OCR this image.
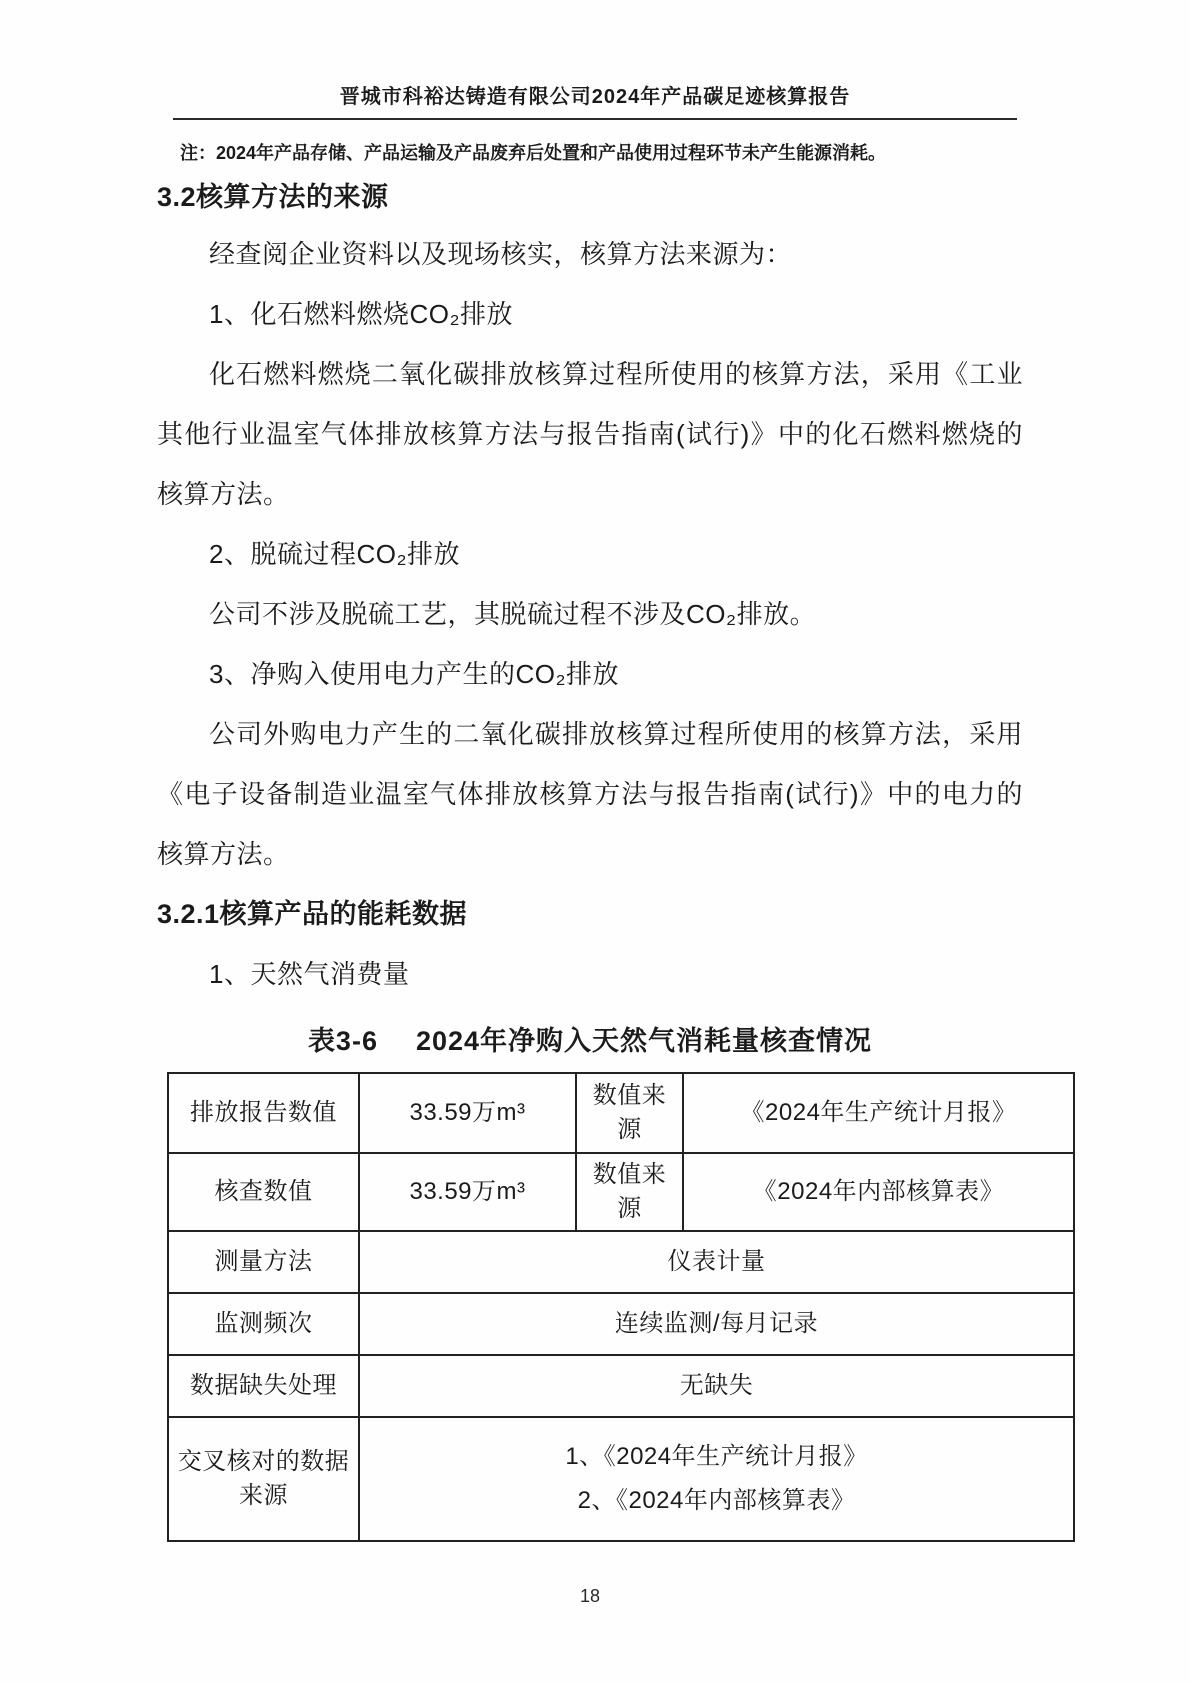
晋城市科裕达铸造有限公司2024年产品碳足迹核算报告

注：2024年产品存储、产品运输及产品废弃后处置和产品使用过程环节未产生能源消耗。

3.2核算方法的来源

经查阅企业资料以及现场核实，核算方法来源为：

1、化石燃料燃烧CO₂排放

化石燃料燃烧二氧化碳排放核算过程所使用的核算方法，采用《工业其他行业温室气体排放核算方法与报告指南(试行)》中的化石燃料燃烧的核算方法。

2、脱硫过程CO₂排放

公司不涉及脱硫工艺，其脱硫过程不涉及CO₂排放。

3、净购入使用电力产生的CO₂排放

公司外购电力产生的二氧化碳排放核算过程所使用的核算方法，采用《电子设备制造业温室气体排放核算方法与报告指南(试行)》中的电力的核算方法。

3.2.1核算产品的能耗数据

1、天然气消费量

表3-6 2024年净购入天然气消耗量核查情况
排放报告数值	33.59万m³	数值来源	《2024年生产统计月报》
核查数值	33.59万m³	数值来源	《2024年内部核算表》
测量方法	仪表计量		
监测频次	连续监测/每月记录		
数据缺失处理	无缺失		
交叉核对的数据来源	1、《2024年生产统计月报》
2、《2024年内部核算表》		
18
